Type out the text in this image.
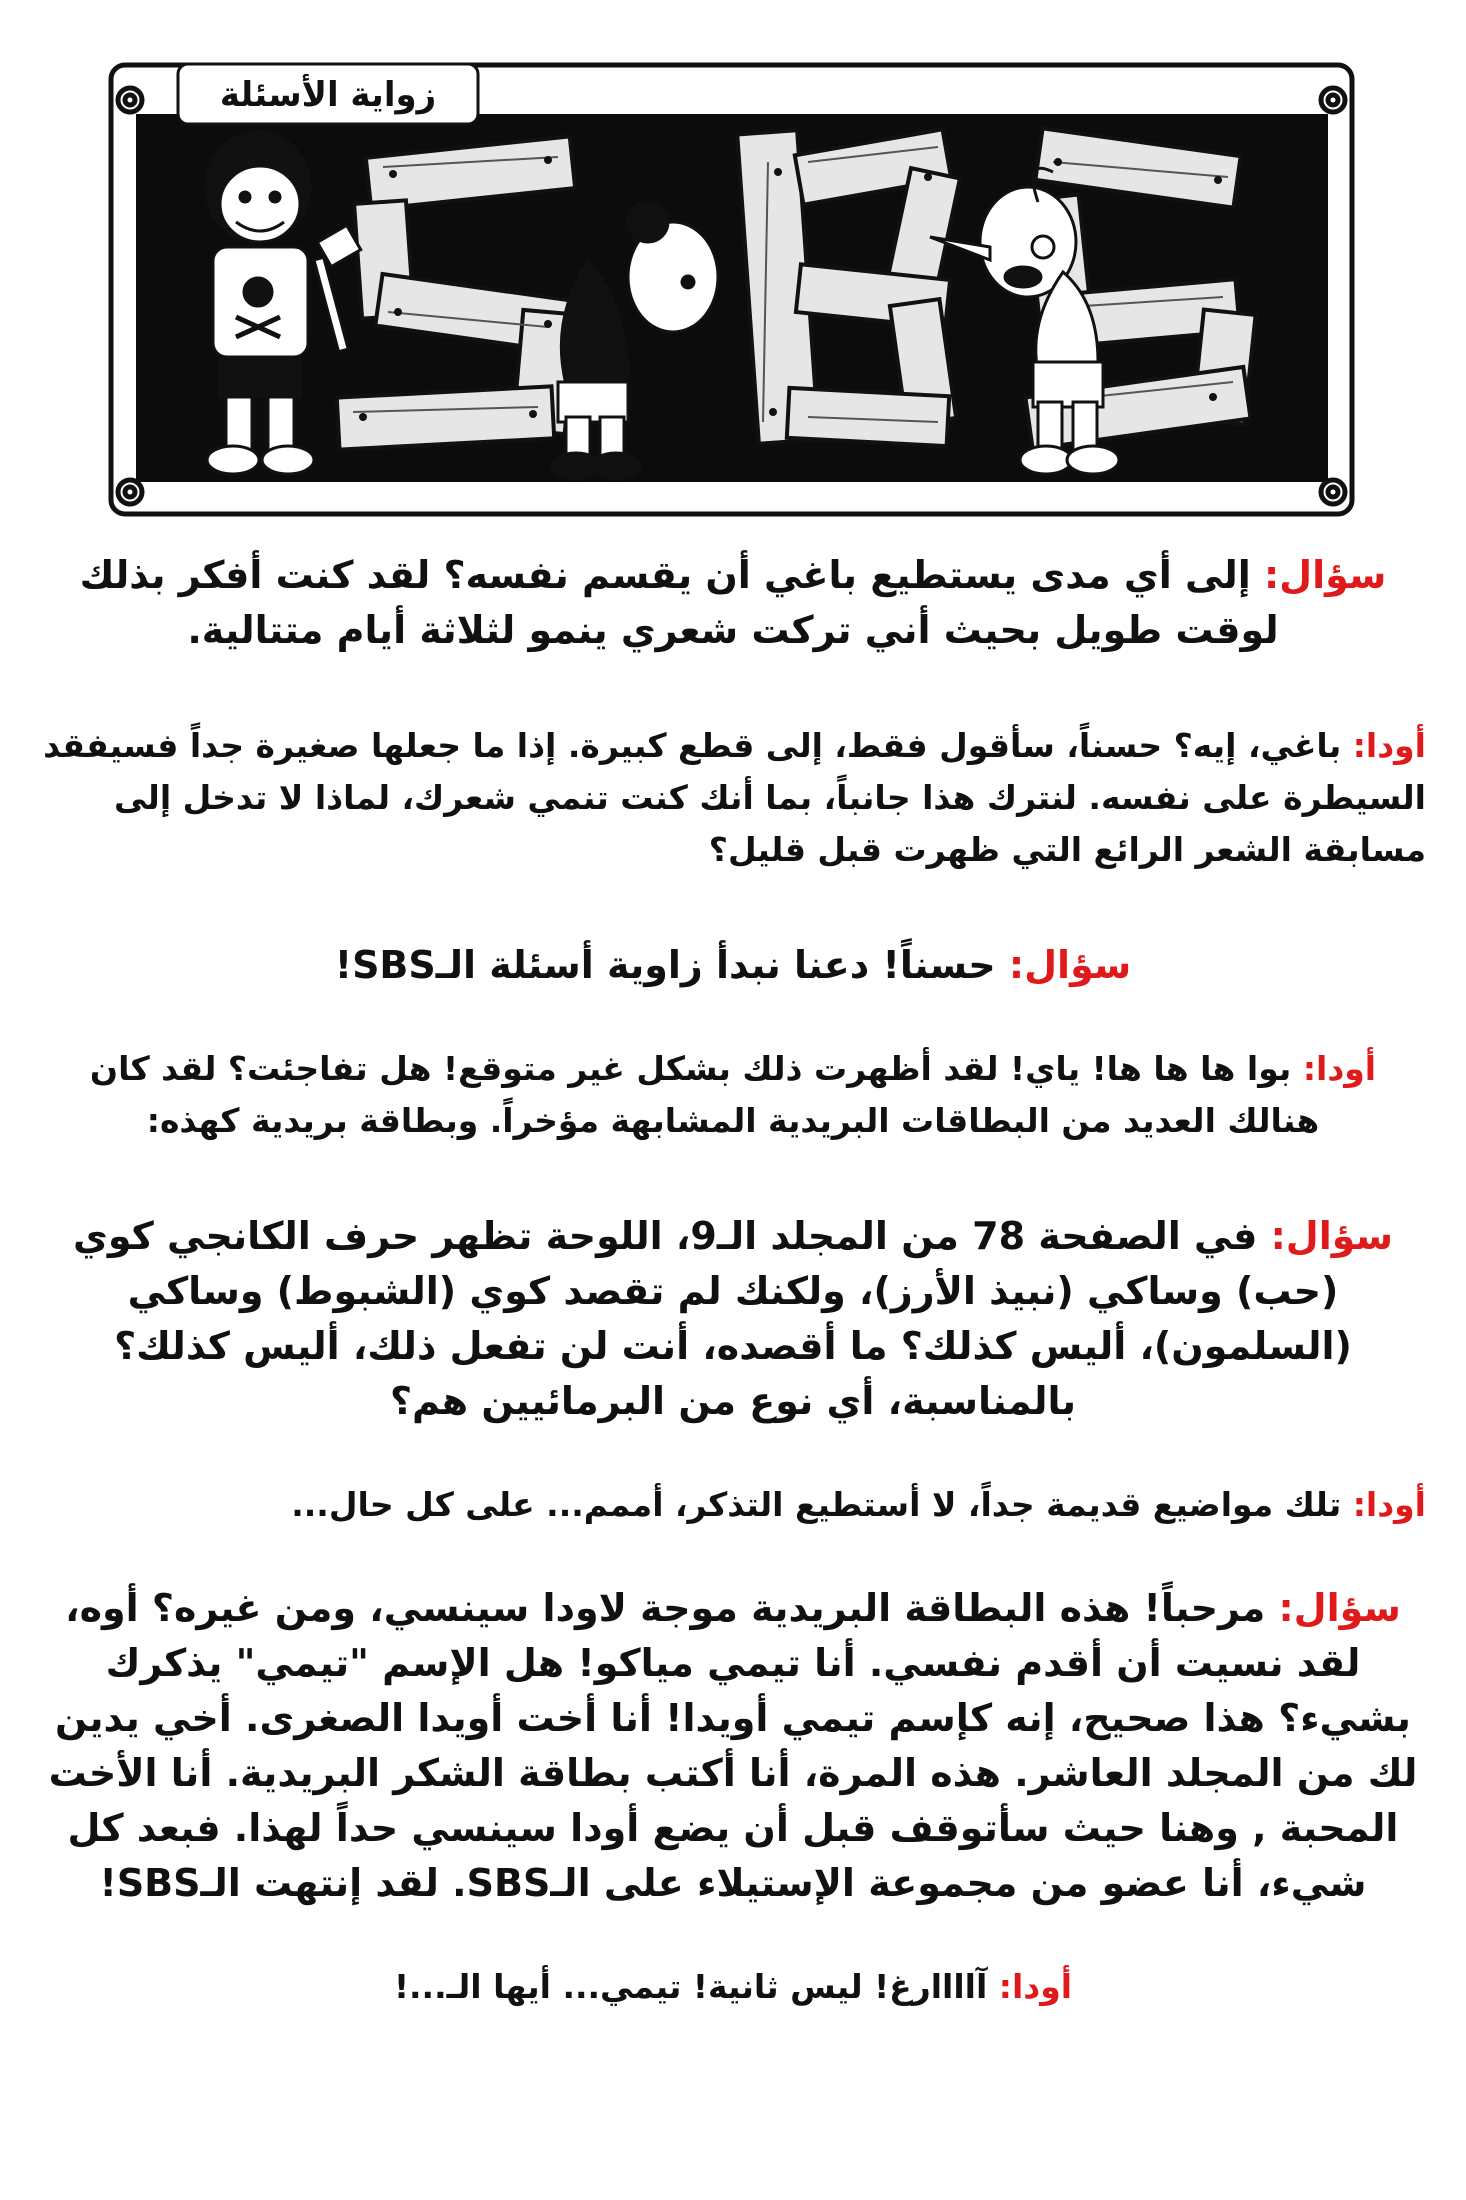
زواية الأسئلة
SBS

سؤال: إلى أي مدى يستطيع باغي أن يقسم نفسه؟ لقد كنت أفكر بذلك لوقت طويل بحيث أني تركت شعري ينمو لثلاثة أيام متتالية.

أودا: باغي، إيه؟ حسناً، سأقول فقط، إلى قطع كبيرة. إذا ما جعلها صغيرة جداً فسيفقد السيطرة على نفسه. لنترك هذا جانباً، بما أنك كنت تنمي شعرك، لماذا لا تدخل إلى مسابقة الشعر الرائع التي ظهرت قبل قليل؟

سؤال: حسناً! دعنا نبدأ زاوية أسئلة الـSBS!

أودا: بوا ها ها ها! ياي! لقد أظهرت ذلك بشكل غير متوقع! هل تفاجئت؟ لقد كان هنالك العديد من البطاقات البريدية المشابهة مؤخراً. وبطاقة بريدية كهذه:

سؤال: في الصفحة 78 من المجلد الـ9، اللوحة تظهر حرف الكانجي كوي (حب) وساكي (نبيذ الأرز)، ولكنك لم تقصد كوي (الشبوط) وساكي (السلمون)، أليس كذلك؟ ما أقصده، أنت لن تفعل ذلك، أليس كذلك؟ بالمناسبة، أي نوع من البرمائيين هم؟

أودا: تلك مواضيع قديمة جداً، لا أستطيع التذكر، أممم... على كل حال...

سؤال: مرحباً! هذه البطاقة البريدية موجة لاودا سينسي، ومن غيره؟ أوه، لقد نسيت أن أقدم نفسي. أنا تيمي مياكو! هل الإسم "تيمي" يذكرك بشيء؟ هذا صحيح، إنه كإسم تيمي أويدا! أنا أخت أويدا الصغرى. أخي يدين لك من المجلد العاشر. هذه المرة، أنا أكتب بطاقة الشكر البريدية. أنا الأخت المحبة , وهنا حيث سأتوقف قبل أن يضع أودا سينسي حداً لهذا. فبعد كل شيء، أنا عضو من مجموعة الإستيلاء على الـSBS. لقد إنتهت الـSBS!

أودا: آاااارغ! ليس ثانية! تيمي... أيها الـ...!
